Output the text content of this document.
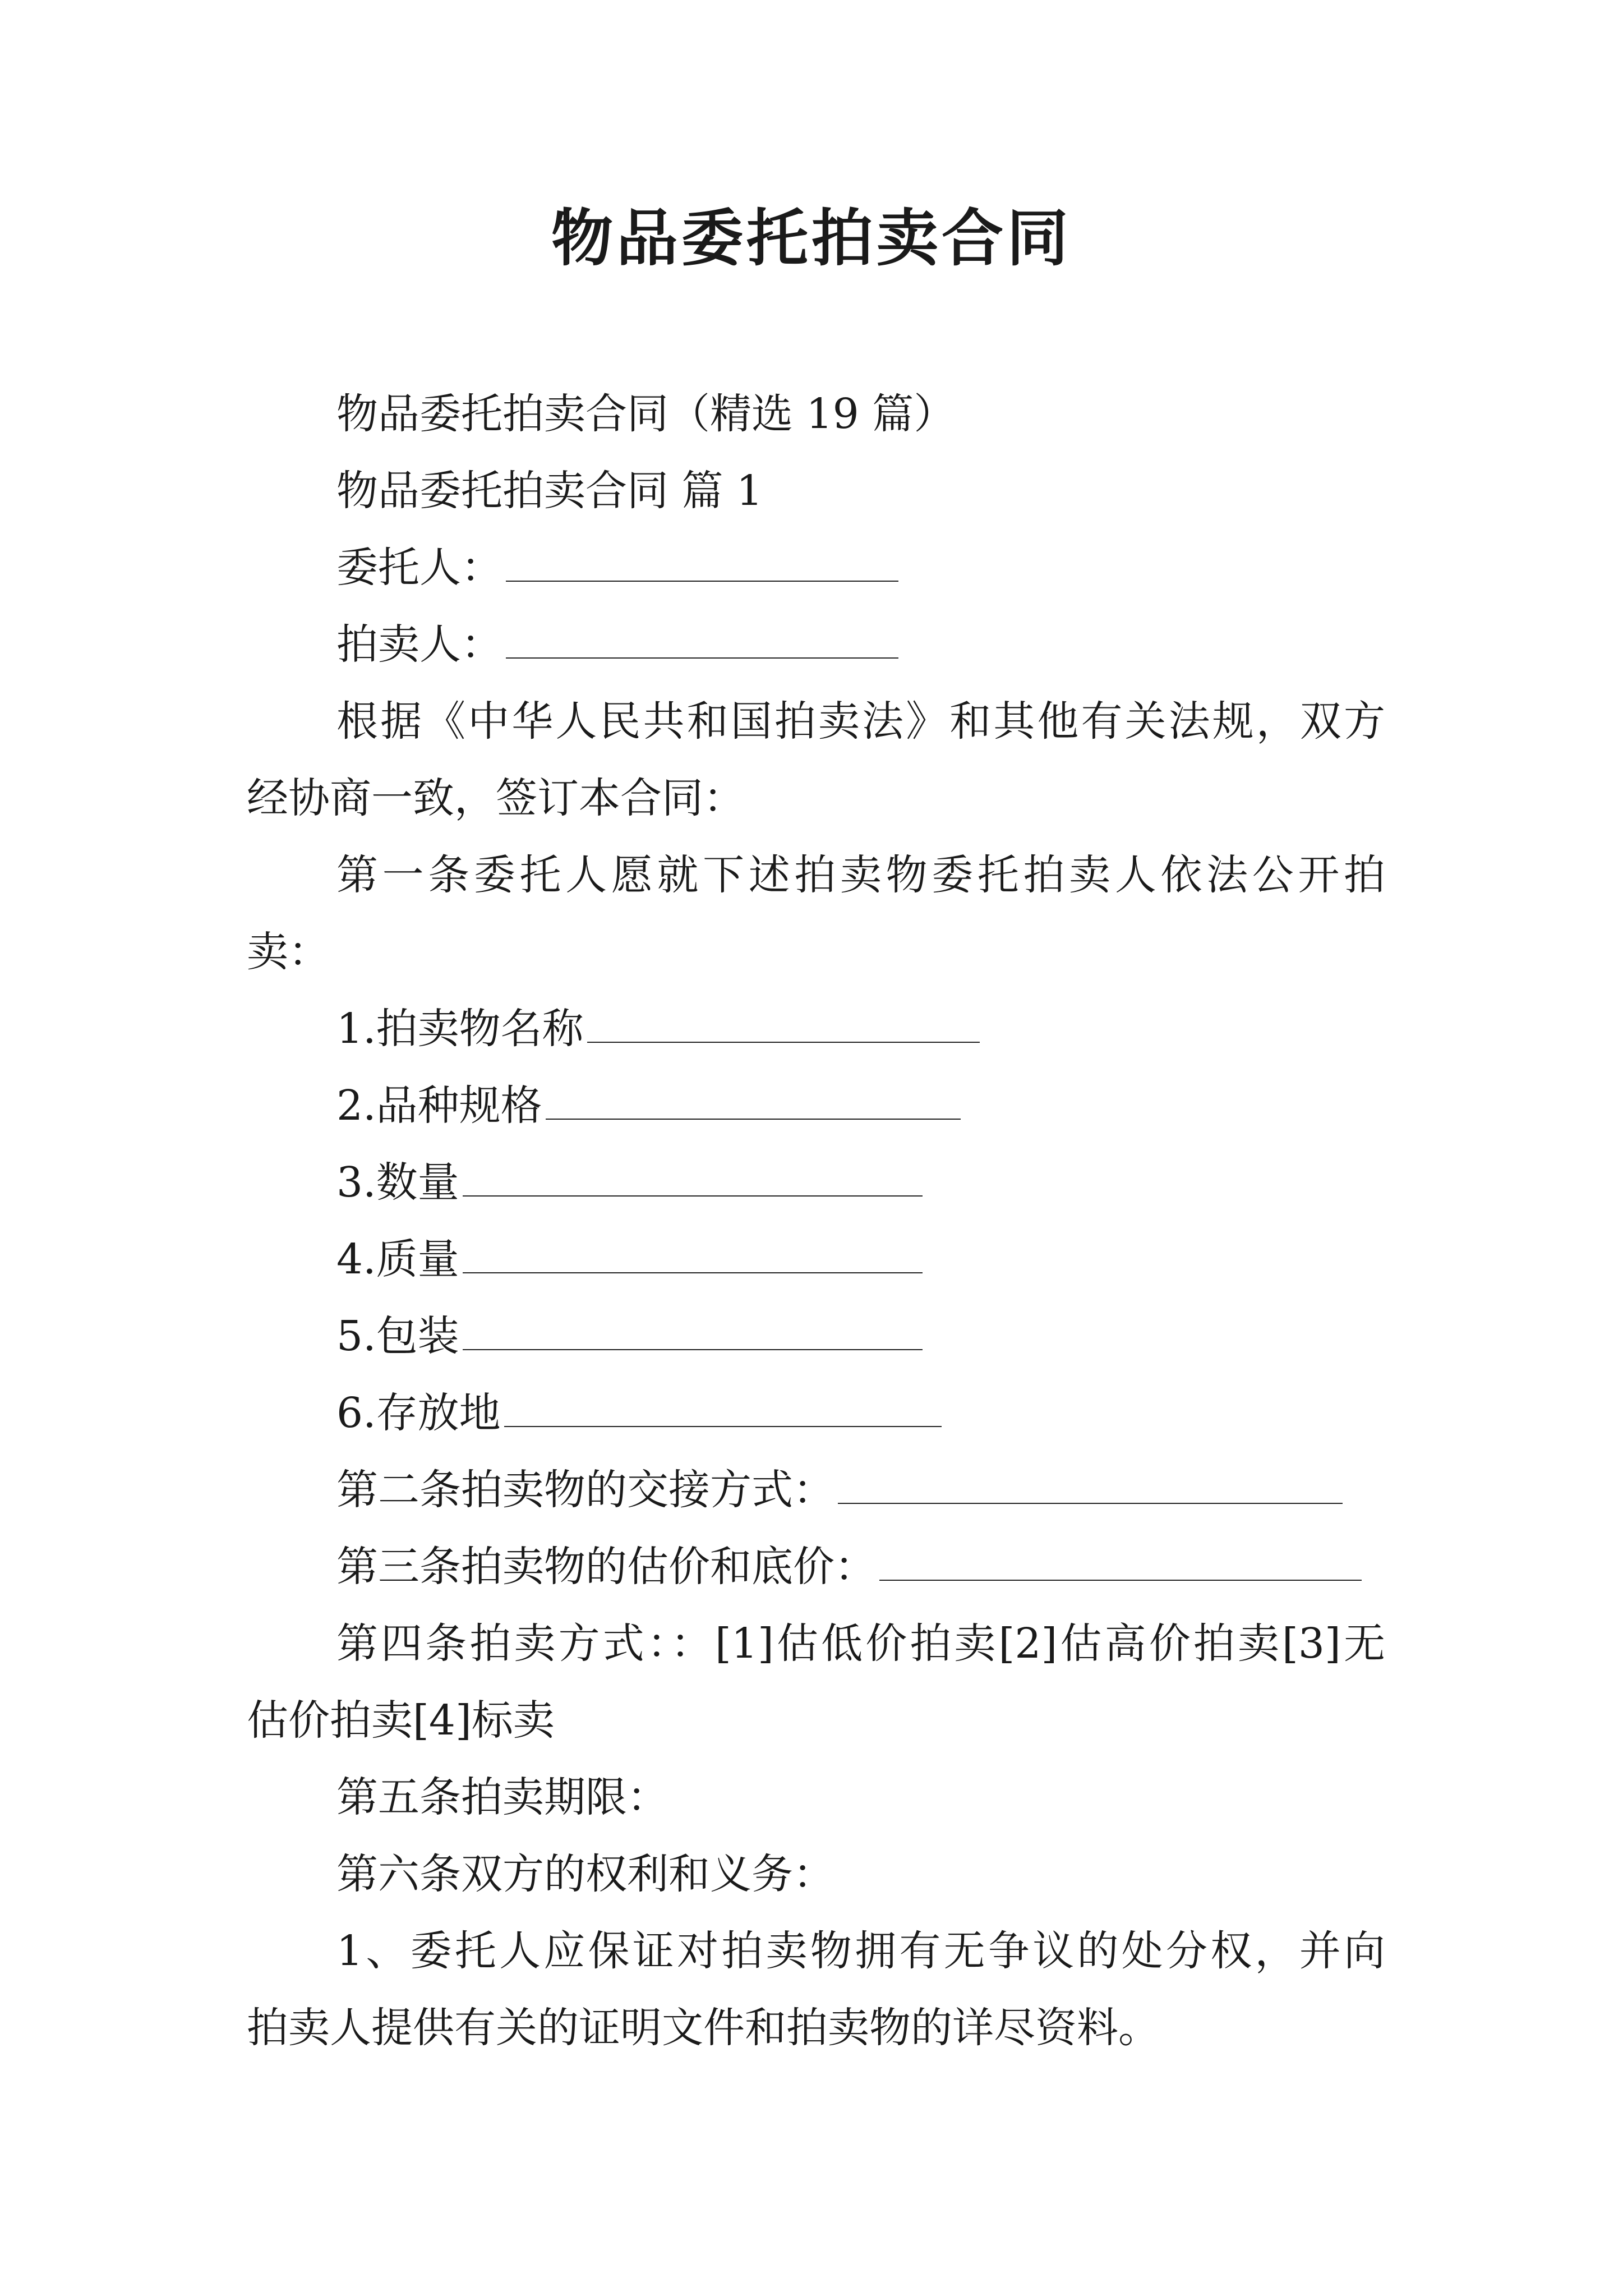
物品委托拍卖合同
物品委托拍卖合同（精选 19 篇）
物品委托拍卖合同 篇 1
委托人：
拍卖人：
根据《中华人民共和国拍卖法》和其他有关法规，双方
经协商一致，签订本合同：
第一条委托人愿就下述拍卖物委托拍卖人依法公开拍
卖：
1.拍卖物名称
2.品种规格
3.数量
4.质量
5.包装
6.存放地
第二条拍卖物的交接方式：
第三条拍卖物的估价和底价：
第四条拍卖方式：：[1]估低价拍卖[2]估高价拍卖[3]无
估价拍卖[4]标卖
第五条拍卖期限：
第六条双方的权利和义务：
1、委托人应保证对拍卖物拥有无争议的处分权，并向
拍卖人提供有关的证明文件和拍卖物的详尽资料。
